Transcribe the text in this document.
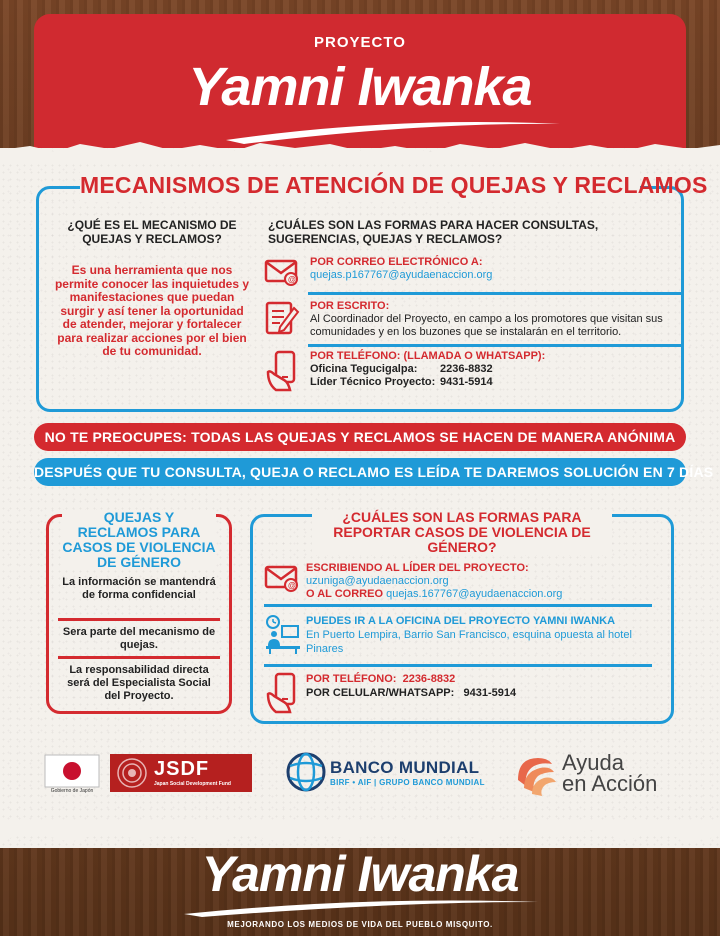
PROYECTO
Yamni Iwanka
MECANISMOS DE ATENCIÓN DE QUEJAS Y RECLAMOS
¿QUÉ ES EL MECANISMO DE QUEJAS Y RECLAMOS?
Es una herramienta que nos permite conocer las inquietudes y manifestaciones que puedan surgir y así tener la oportunidad de atender, mejorar y fortalecer para realizar acciones por el bien de tu comunidad.
¿CUÁLES SON LAS FORMAS PARA HACER CONSULTAS, SUGERENCIAS, QUEJAS Y RECLAMOS?
@
POR CORREO ELECTRÓNICO A:
quejas.p167767@ayudaenaccion.org
POR ESCRITO:
Al Coordinador del Proyecto, en campo a los promotores que visitan sus comunidades y en los buzones que se instalarán en el territorio.
POR TELÉFONO: (LLAMADA O WHATSAPP):
Oficina Tegucigalpa:	2236-8832
Líder Técnico Proyecto: 9431-5914
NO TE PREOCUPES: TODAS LAS QUEJAS Y RECLAMOS SE HACEN DE MANERA ANÓNIMA
DESPUÉS QUE TU CONSULTA, QUEJA O RECLAMO ES LEÍDA TE DAREMOS SOLUCIÓN EN 7 DÍAS
QUEJAS Y RECLAMOS PARA CASOS DE VIOLENCIA DE GÉNERO
La información se mantendrá de forma confidencial
Sera parte del mecanismo de quejas.
La responsabilidad directa será del Especialista Social del Proyecto.
¿CUÁLES SON LAS FORMAS PARA REPORTAR CASOS DE VIOLENCIA DE GÉNERO?
@
ESCRIBIENDO AL LÍDER DEL PROYECTO: uzuniga@ayudaenaccion.org
O AL CORREO quejas.167767@ayudaenaccion.org
PUEDES IR A LA OFICINA DEL PROYECTO YAMNI IWANKA
En Puerto Lempira, Barrio San Francisco, esquina opuesta al hotel Pinares
POR TELÉFONO: 2236-8832
POR CELULAR/WHATSAPP: 9431-5914
Gobierno de Japón
JSDF
Japan Social Development Fund
BANCO MUNDIAL
BIRF • AIF | GRUPO BANCO MUNDIAL
Ayuda
en Acción
Yamni Iwanka
MEJORANDO LOS MEDIOS DE VIDA DEL PUEBLO MISQUITO.
